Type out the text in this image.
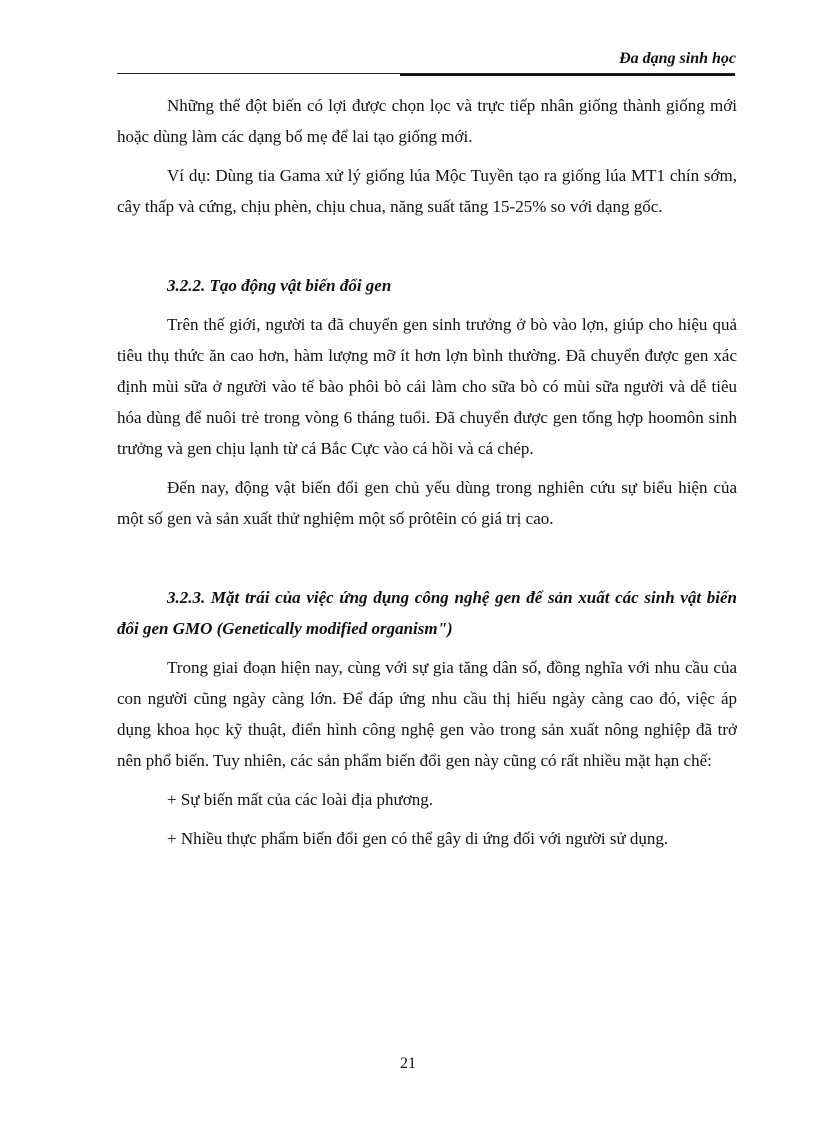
Đa dạng sinh học

Những thể đột biến có lợi được chọn lọc và trực tiếp nhân giống thành giống mới hoặc dùng làm các dạng bố mẹ để lai tạo giống mới.

Ví dụ: Dùng tia Gama xử lý giống lúa Mộc Tuyền tạo ra giống lúa MT1 chín sớm, cây thấp và cứng, chịu phèn, chịu chua, năng suất tăng 15-25% so với dạng gốc.

3.2.2. Tạo động vật biến đổi gen

Trên thế giới, người ta đã chuyển gen sinh trưởng ở bò vào lợn, giúp cho hiệu quả tiêu thụ thức ăn cao hơn, hàm lượng mỡ ít hơn lợn bình thường. Đã chuyển được gen xác định mùi sữa ở người vào tế bào phôi bò cái làm cho sữa bò có mùi sữa người và dễ tiêu hóa dùng để nuôi trẻ trong vòng 6 tháng tuổi. Đã chuyển được gen tổng hợp hoomôn sinh trưởng và gen chịu lạnh từ cá Bắc Cực vào cá hồi và cá chép.

Đến nay, động vật biến đổi gen chủ yếu dùng trong nghiên cứu sự biểu hiện của một số gen và sản xuất thử nghiệm một số prôtêin có giá trị cao.

3.2.3. Mặt trái của việc ứng dụng công nghệ gen để sản xuất các sinh vật biến đổi gen GMO (Genetically modified organism")

Trong giai đoạn hiện nay, cùng với sự gia tăng dân số, đồng nghĩa với nhu cầu của con người cũng ngày càng lớn. Để đáp ứng nhu cầu thị hiếu ngày càng cao đó, việc áp dụng khoa học kỹ thuật, điển hình công nghệ gen vào trong sản xuất nông nghiệp đã trở nên phổ biến. Tuy nhiên, các sản phẩm biến đổi gen này cũng có rất nhiều mặt hạn chế:

+ Sự biến mất của các loài địa phương.

+ Nhiều thực phẩm biến đổi gen có thể gây di ứng đối với người sử dụng.

21
